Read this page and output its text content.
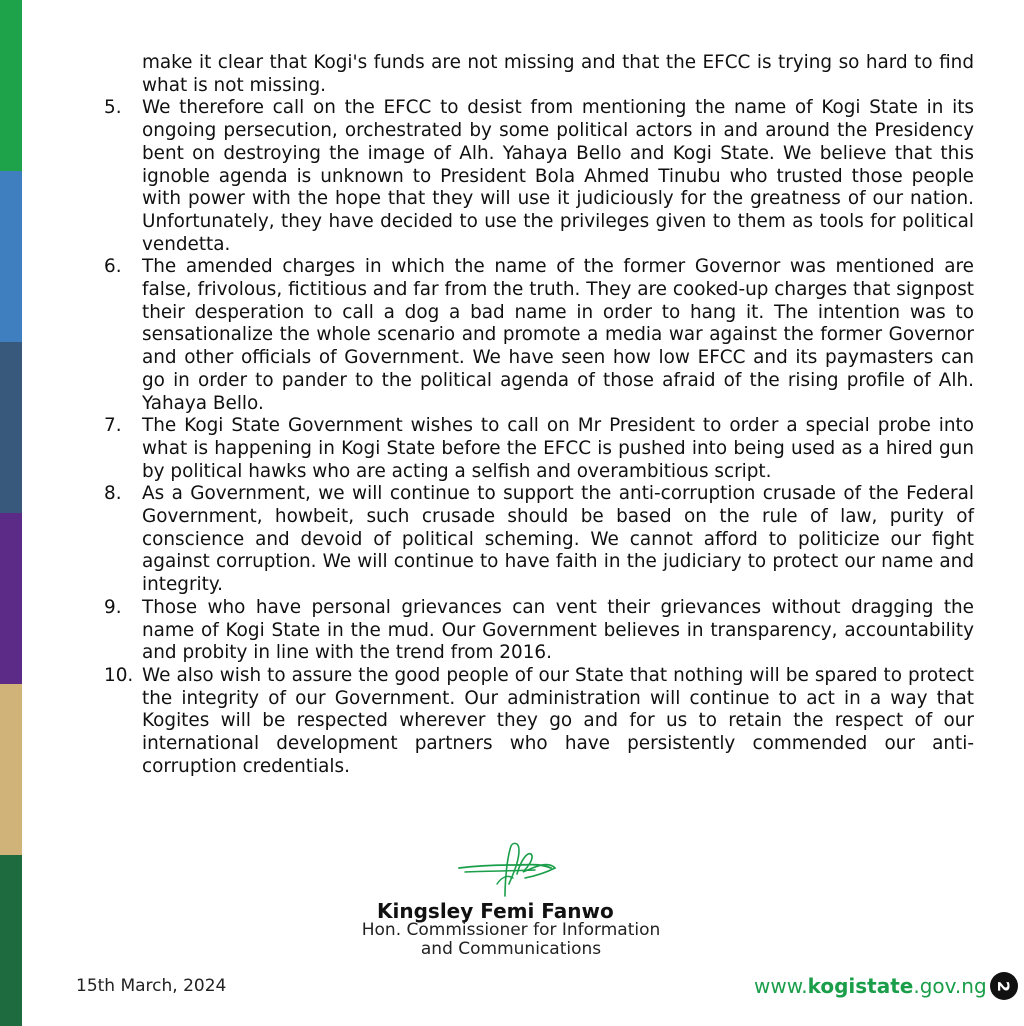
make it clear that Kogi's funds are not missing and that the EFCC is trying so hard to find what is not missing.
5.	We therefore call on the EFCC to desist from mentioning the name of Kogi State in its ongoing persecution, orchestrated by some political actors in and around the Presidency bent on destroying the image of Alh. Yahaya Bello and Kogi State. We believe that this ignoble agenda is unknown to President Bola Ahmed Tinubu who trusted those people with power with the hope that they will use it judiciously for the greatness of our nation. Unfortunately, they have decided to use the privileges given to them as tools for political vendetta.
6.	The amended charges in which the name of the former Governor was mentioned are false, frivolous, fictitious and far from the truth. They are cooked-up charges that signpost their desperation to call a dog a bad name in order to hang it. The intention was to sensationalize the whole scenario and promote a media war against the former Governor and other officials of Government. We have seen how low EFCC and its paymasters can go in order to pander to the political agenda of those afraid of the rising profile of Alh. Yahaya Bello.
7.	The Kogi State Government wishes to call on Mr President to order a special probe into what is happening in Kogi State before the EFCC is pushed into being used as a hired gun by political hawks who are acting a selfish and overambitious script.
8.	As a Government, we will continue to support the anti-corruption crusade of the Federal Government, howbeit, such crusade should be based on the rule of law, purity of conscience and devoid of political scheming. We cannot afford to politicize our fight against corruption. We will continue to have faith in the judiciary to protect our name and integrity.
9.	Those who have personal grievances can vent their grievances without dragging the name of Kogi State in the mud. Our Government believes in transparency, accountability and probity in line with the trend from 2016.
10. We also wish to assure the good people of our State that nothing will be spared to protect the integrity of our Government. Our administration will continue to act in a way that Kogites will be respected wherever they go and for us to retain the respect of our international development partners who have persistently commended our anti-corruption credentials.

Kingsley Femi Fanwo

Hon. Commissioner for Information
and Communications

15th March, 2024	www.kogistate.gov.ng 2
